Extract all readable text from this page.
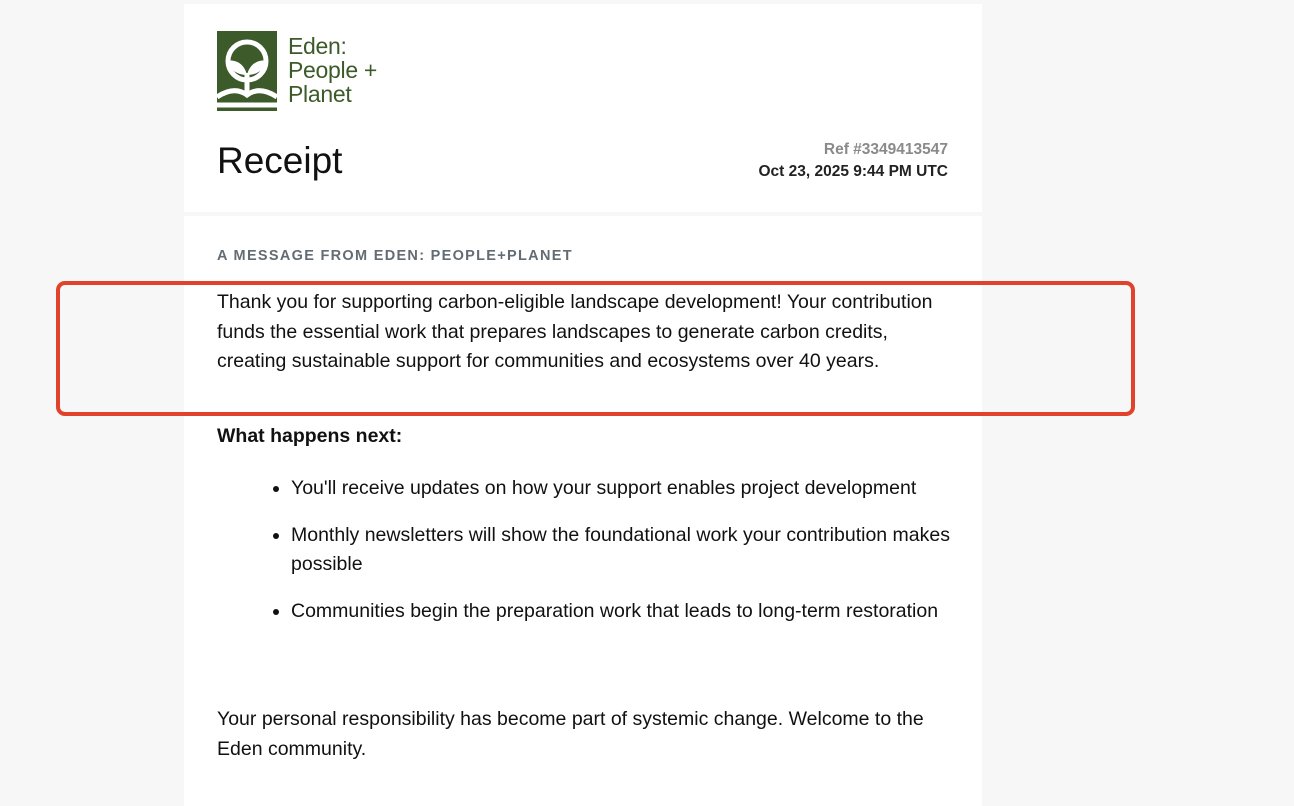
Eden:
People +
Planet
Receipt	Ref #3349413547
Oct 23, 2025 9:44 PM UTC
A MESSAGE FROM EDEN: PEOPLE+PLANET

Thank you for supporting carbon-eligible landscape development! Your contribution funds the essential work that prepares landscapes to generate carbon credits, creating sustainable support for communities and ecosystems over 40 years.

What happens next:
• You'll receive updates on how your support enables project development
• Monthly newsletters will show the foundational work your contribution makes possible
• Communities begin the preparation work that leads to long-term restoration

Your personal responsibility has become part of systemic change. Welcome to the Eden community.
